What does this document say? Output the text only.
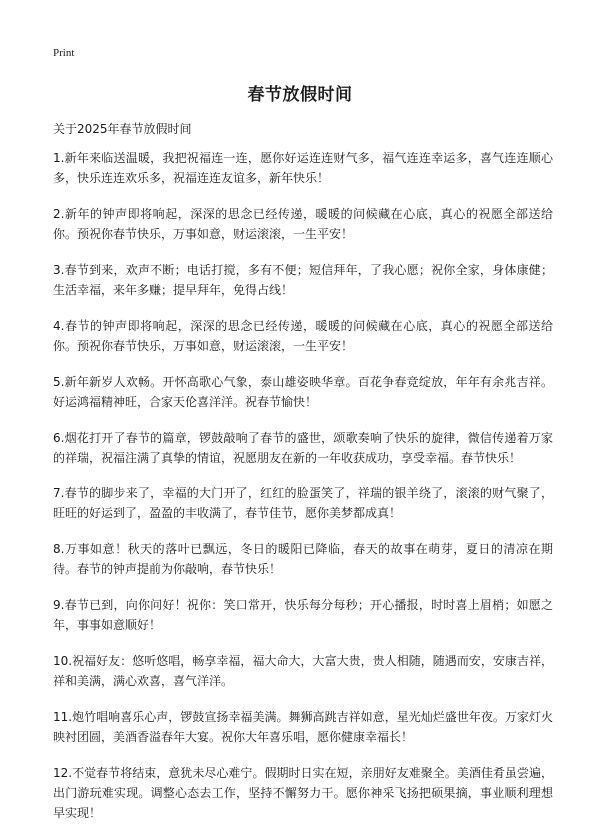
Print
春节放假时间

关于2025年春节放假时间

1.新年来临送温暖，我把祝福连一连，愿你好运连连财气多，福气连连幸运多，喜气连连顺心多，快乐连连欢乐多，祝福连连友谊多，新年快乐！
2.新年的钟声即将响起，深深的思念已经传递，暖暖的问候藏在心底，真心的祝愿全部送给你。预祝你春节快乐，万事如意，财运滚滚，一生平安！
3.春节到来，欢声不断；电话打搅，多有不便；短信拜年，了我心愿；祝你全家，身体康健；生活幸福，来年多赚；提早拜年，免得占线！
4.春节的钟声即将响起，深深的思念已经传递，暖暖的问候藏在心底，真心的祝愿全部送给你。预祝你春节快乐，万事如意，财运滚滚，一生平安！
5.新年新岁人欢畅。开怀高歌心气象，泰山雄姿映华章。百花争春竞绽放，年年有余兆吉祥。好运鸿福精神旺，合家天伦喜洋洋。祝春节愉快！
6.烟花打开了春节的篇章，锣鼓敲响了春节的盛世，颂歌奏响了快乐的旋律，微信传递着万家的祥瑞，祝福注满了真挚的情谊，祝愿朋友在新的一年收获成功，享受幸福。春节快乐！
7.春节的脚步来了，幸福的大门开了，红红的脸蛋笑了，祥瑞的银羊绕了，滚滚的财气聚了，旺旺的好运到了，盈盈的丰收满了，春节佳节，愿你美梦都成真！
8.万事如意！秋天的落叶已飘远，冬日的暖阳已降临，春天的故事在萌芽，夏日的清凉在期待。春节的钟声提前为你敲响，春节快乐！
9.春节已到，向你问好！祝你：笑口常开，快乐每分每秒；开心播报，时时喜上眉梢；如愿之年，事事如意顺好！
10.祝福好友：悠听悠唱，畅享幸福，福大命大，大富大贵，贵人相随，随遇而安，安康吉祥，祥和美满，满心欢喜，喜气洋洋。
11.炮竹唱响喜乐心声，锣鼓宣扬幸福美满。舞狮高跳吉祥如意，星光灿烂盛世年夜。万家灯火映衬团圆，美酒香溢春年大宴。祝你大年喜乐唱，愿你健康幸福长！
12.不觉春节将结束，意犹未尽心难宁。假期时日实在短，亲朋好友难聚全。美酒佳肴虽尝遍，出门游玩难实现。调整心态去工作，坚持不懈努力干。愿你神采飞扬把硕果摘，事业顺利理想早实现！
